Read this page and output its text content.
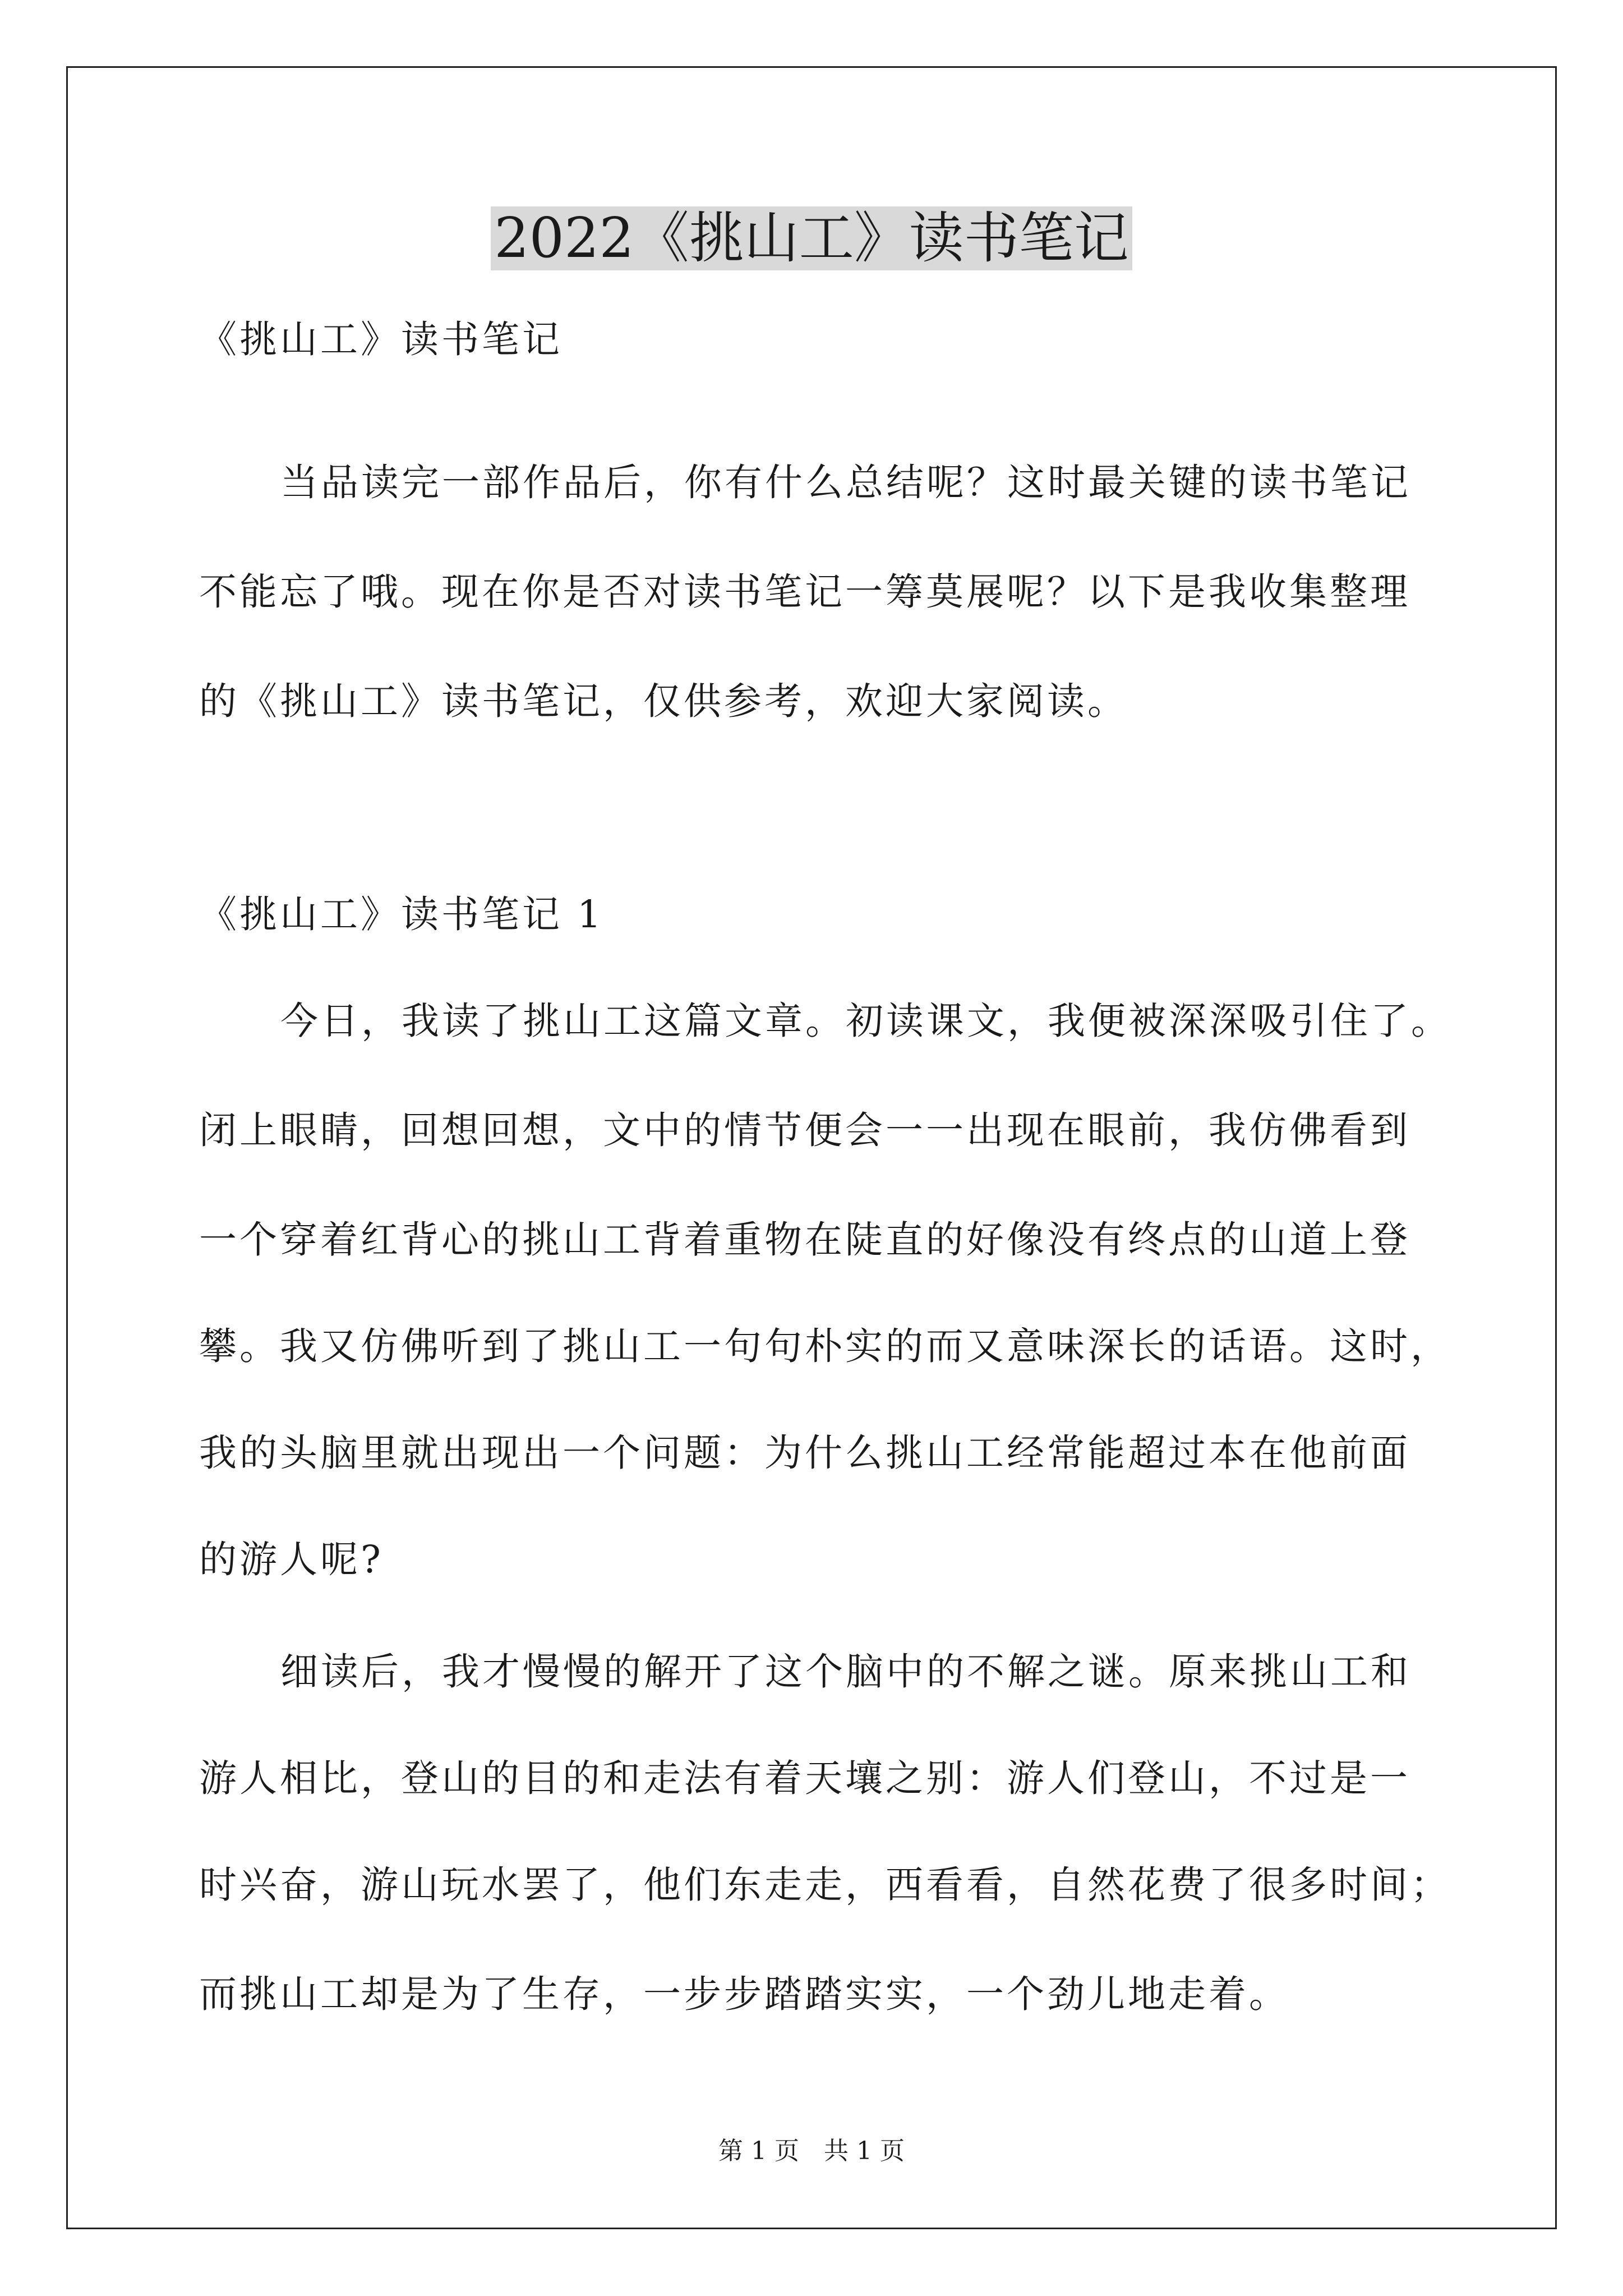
2022《挑山工》读书笔记

《挑山工》读书笔记

当品读完一部作品后，你有什么总结呢？这时最关键的读书笔记

不能忘了哦。现在你是否对读书笔记一筹莫展呢？以下是我收集整理

的《挑山工》读书笔记，仅供参考，欢迎大家阅读。

《挑山工》读书笔记 1

今日，我读了挑山工这篇文章。初读课文，我便被深深吸引住了。

闭上眼睛，回想回想，文中的情节便会一一出现在眼前，我仿佛看到

一个穿着红背心的挑山工背着重物在陡直的好像没有终点的山道上登

攀。我又仿佛听到了挑山工一句句朴实的而又意味深长的话语。这时，

我的头脑里就出现出一个问题：为什么挑山工经常能超过本在他前面

的游人呢?

细读后，我才慢慢的解开了这个脑中的不解之谜。原来挑山工和

游人相比，登山的目的和走法有着天壤之别：游人们登山，不过是一

时兴奋，游山玩水罢了，他们东走走，西看看，自然花费了很多时间；

而挑山工却是为了生存，一步步踏踏实实，一个劲儿地走着。

第 1 页　共 1 页
